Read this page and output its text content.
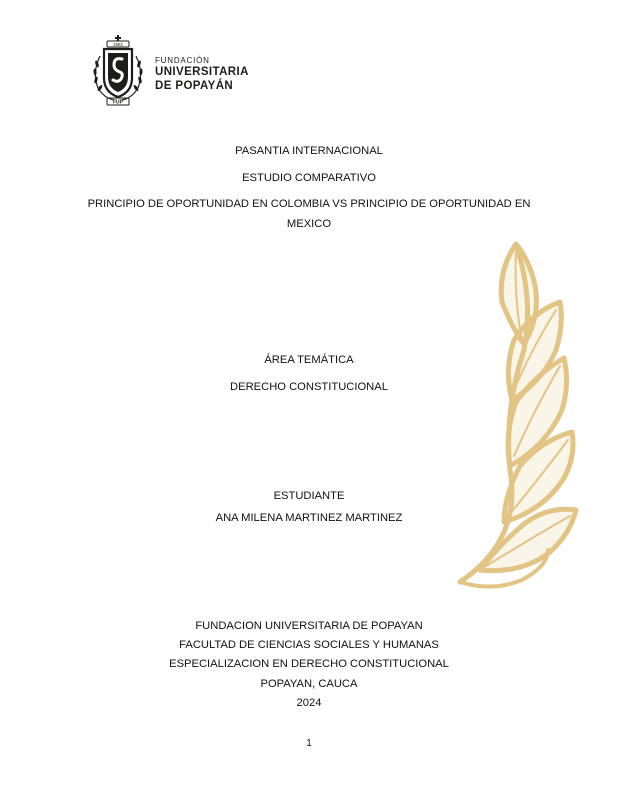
1982
FUP
FUNDACIÓN
UNIVERSITARIA
DE POPAYÁN
PASANTIA INTERNACIONAL
ESTUDIO COMPARATIVO
PRINCIPIO DE OPORTUNIDAD EN COLOMBIA VS PRINCIPIO DE OPORTUNIDAD EN MEXICO
ÁREA TEMÁTICA
DERECHO CONSTITUCIONAL
ESTUDIANTE
ANA MILENA MARTINEZ MARTINEZ
FUNDACION UNIVERSITARIA DE POPAYAN
FACULTAD DE CIENCIAS SOCIALES Y HUMANAS
ESPECIALIZACION EN DERECHO CONSTITUCIONAL
POPAYAN, CAUCA
2024
1
